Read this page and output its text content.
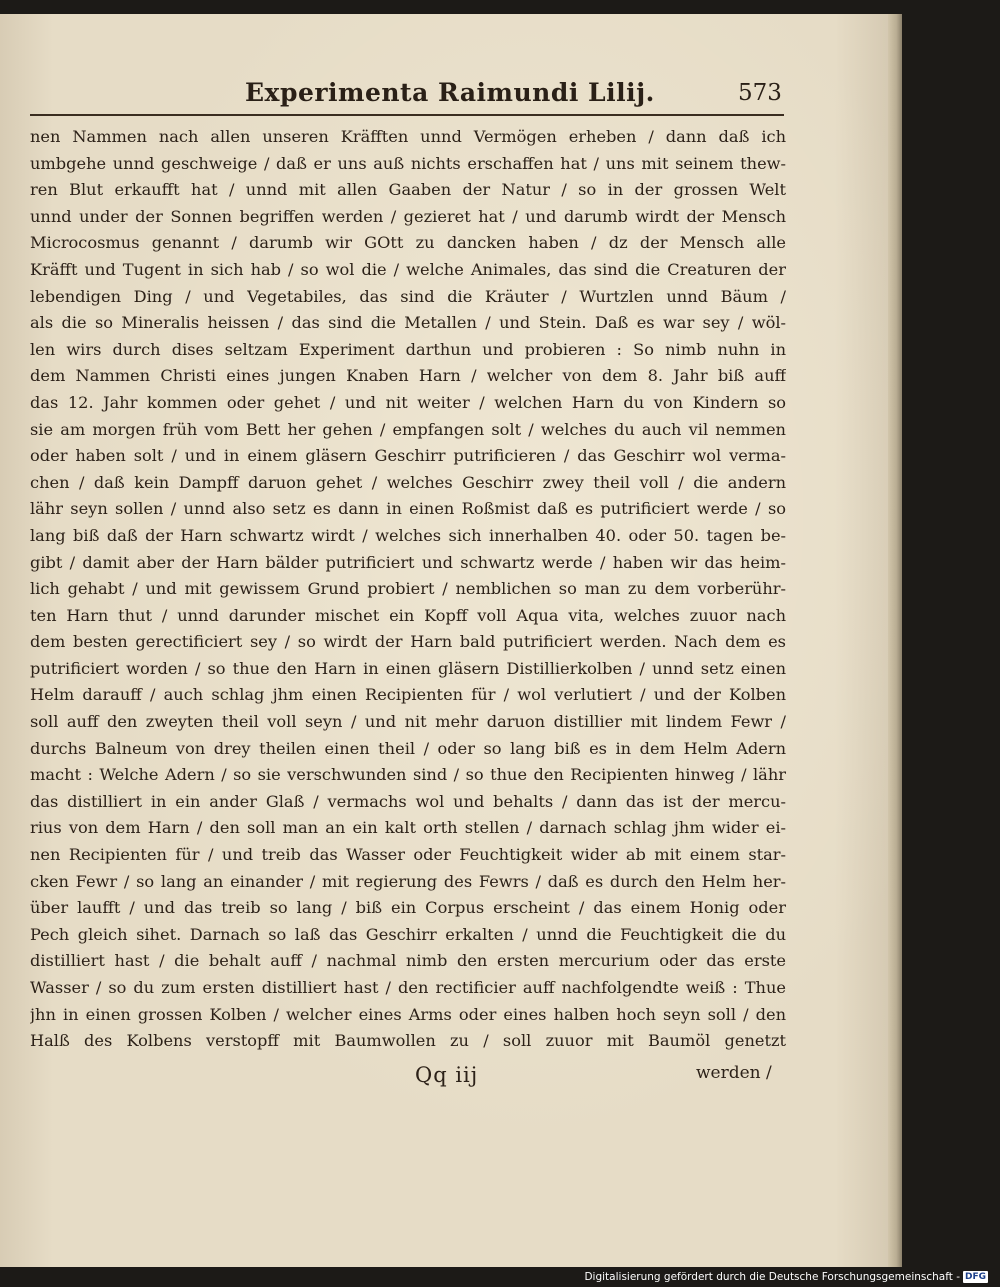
Experimenta Raimundi Lilij.	573
nen Nammen nach allen unseren Kräfften unnd Vermögen erheben / dann daß ich
umbgehe unnd geschweige / daß er uns auß nichts erschaffen hat / uns mit seinem thew-
ren Blut erkaufft hat / unnd mit allen Gaaben der Natur / so in der grossen Welt
unnd under der Sonnen begriffen werden / gezieret hat / und darumb wirdt der Mensch
Microcosmus genannt / darumb wir GOtt zu dancken haben / dz der Mensch alle
Kräfft und Tugent in sich hab / so wol die / welche Animales, das sind die Creaturen der
lebendigen Ding / und Vegetabiles, das sind die Kräuter / Wurtzlen unnd Bäum /
als die so Mineralis heissen / das sind die Metallen / und Stein. Daß es war sey / wöl-
len wirs durch dises seltzam Experiment darthun und probieren : So nimb nuhn in
dem Nammen Christi eines jungen Knaben Harn / welcher von dem 8. Jahr biß auff
das 12. Jahr kommen oder gehet / und nit weiter / welchen Harn du von Kindern so
sie am morgen früh vom Bett her gehen / empfangen solt / welches du auch vil nemmen
oder haben solt / und in einem gläsern Geschirr putrificieren / das Geschirr wol verma-
chen / daß kein Dampff daruon gehet / welches Geschirr zwey theil voll / die andern
lähr seyn sollen / unnd also setz es dann in einen Roßmist daß es putrificiert werde / so
lang biß daß der Harn schwartz wirdt / welches sich innerhalben 40. oder 50. tagen be-
gibt / damit aber der Harn bälder putrificiert und schwartz werde / haben wir das heim-
lich gehabt / und mit gewissem Grund probiert / nemblichen so man zu dem vorberühr-
ten Harn thut / unnd darunder mischet ein Kopff voll Aqua vita, welches zuuor nach
dem besten gerectificiert sey / so wirdt der Harn bald putrificiert werden. Nach dem es
putrificiert worden / so thue den Harn in einen gläsern Distillierkolben / unnd setz einen
Helm darauff / auch schlag jhm einen Recipienten für / wol verlutiert / und der Kolben
soll auff den zweyten theil voll seyn / und nit mehr daruon distillier mit lindem Fewr /
durchs Balneum von drey theilen einen theil / oder so lang biß es in dem Helm Adern
macht : Welche Adern / so sie verschwunden sind / so thue den Recipienten hinweg / lähr
das distilliert in ein ander Glaß / vermachs wol und behalts / dann das ist der mercu-
rius von dem Harn / den soll man an ein kalt orth stellen / darnach schlag jhm wider ei-
nen Recipienten für / und treib das Wasser oder Feuchtigkeit wider ab mit einem star-
cken Fewr / so lang an einander / mit regierung des Fewrs / daß es durch den Helm her-
über laufft / und das treib so lang / biß ein Corpus erscheint / das einem Honig oder
Pech gleich sihet. Darnach so laß das Geschirr erkalten / unnd die Feuchtigkeit die du
distilliert hast / die behalt auff / nachmal nimb den ersten mercurium oder das erste
Wasser / so du zum ersten distilliert hast / den rectificier auff nachfolgendte weiß : Thue
jhn in einen grossen Kolben / welcher eines Arms oder eines halben hoch seyn soll / den
Halß des Kolbens verstopff mit Baumwollen zu / soll zuuor mit Baumöl genetzt
Qq iij	werden /
Digitalisierung gefördert durch die Deutsche Forschungsgemeinschaft - DFG
